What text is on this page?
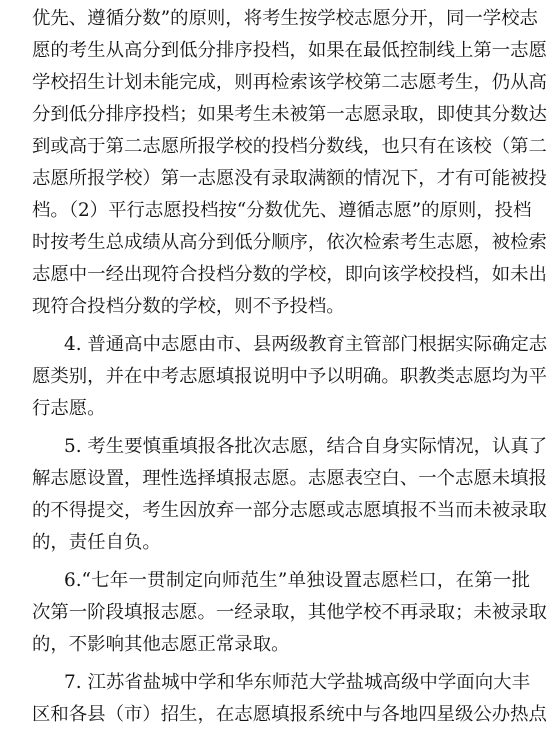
优先、遵循分数”的原则，将考生按学校志愿分开，同一学校志
愿的考生从高分到低分排序投档，如果在最低控制线上第一志愿
学校招生计划未能完成，则再检索该学校第二志愿考生，仍从高
分到低分排序投档；如果考生未被第一志愿录取，即使其分数达
到或高于第二志愿所报学校的投档分数线，也只有在该校（第二
志愿所报学校）第一志愿没有录取满额的情况下，才有可能被投
档。（2）平行志愿投档按“分数优先、遵循志愿”的原则，投档
时按考生总成绩从高分到低分顺序，依次检索考生志愿，被检索
志愿中一经出现符合投档分数的学校，即向该学校投档，如未出
现符合投档分数的学校，则不予投档。
4. 普通高中志愿由市、县两级教育主管部门根据实际确定志
愿类别，并在中考志愿填报说明中予以明确。职教类志愿均为平
行志愿。
5. 考生要慎重填报各批次志愿，结合自身实际情况，认真了
解志愿设置，理性选择填报志愿。志愿表空白、一个志愿未填报
的不得提交，考生因放弃一部分志愿或志愿填报不当而未被录取
的，责任自负。
6.“七年一贯制定向师范生”单独设置志愿栏口，在第一批
次第一阶段填报志愿。一经录取，其他学校不再录取；未被录取
的，不影响其他志愿正常录取。
7. 江苏省盐城中学和华东师范大学盐城高级中学面向大丰
区和各县（市）招生，在志愿填报系统中与各地四星级公办热点
